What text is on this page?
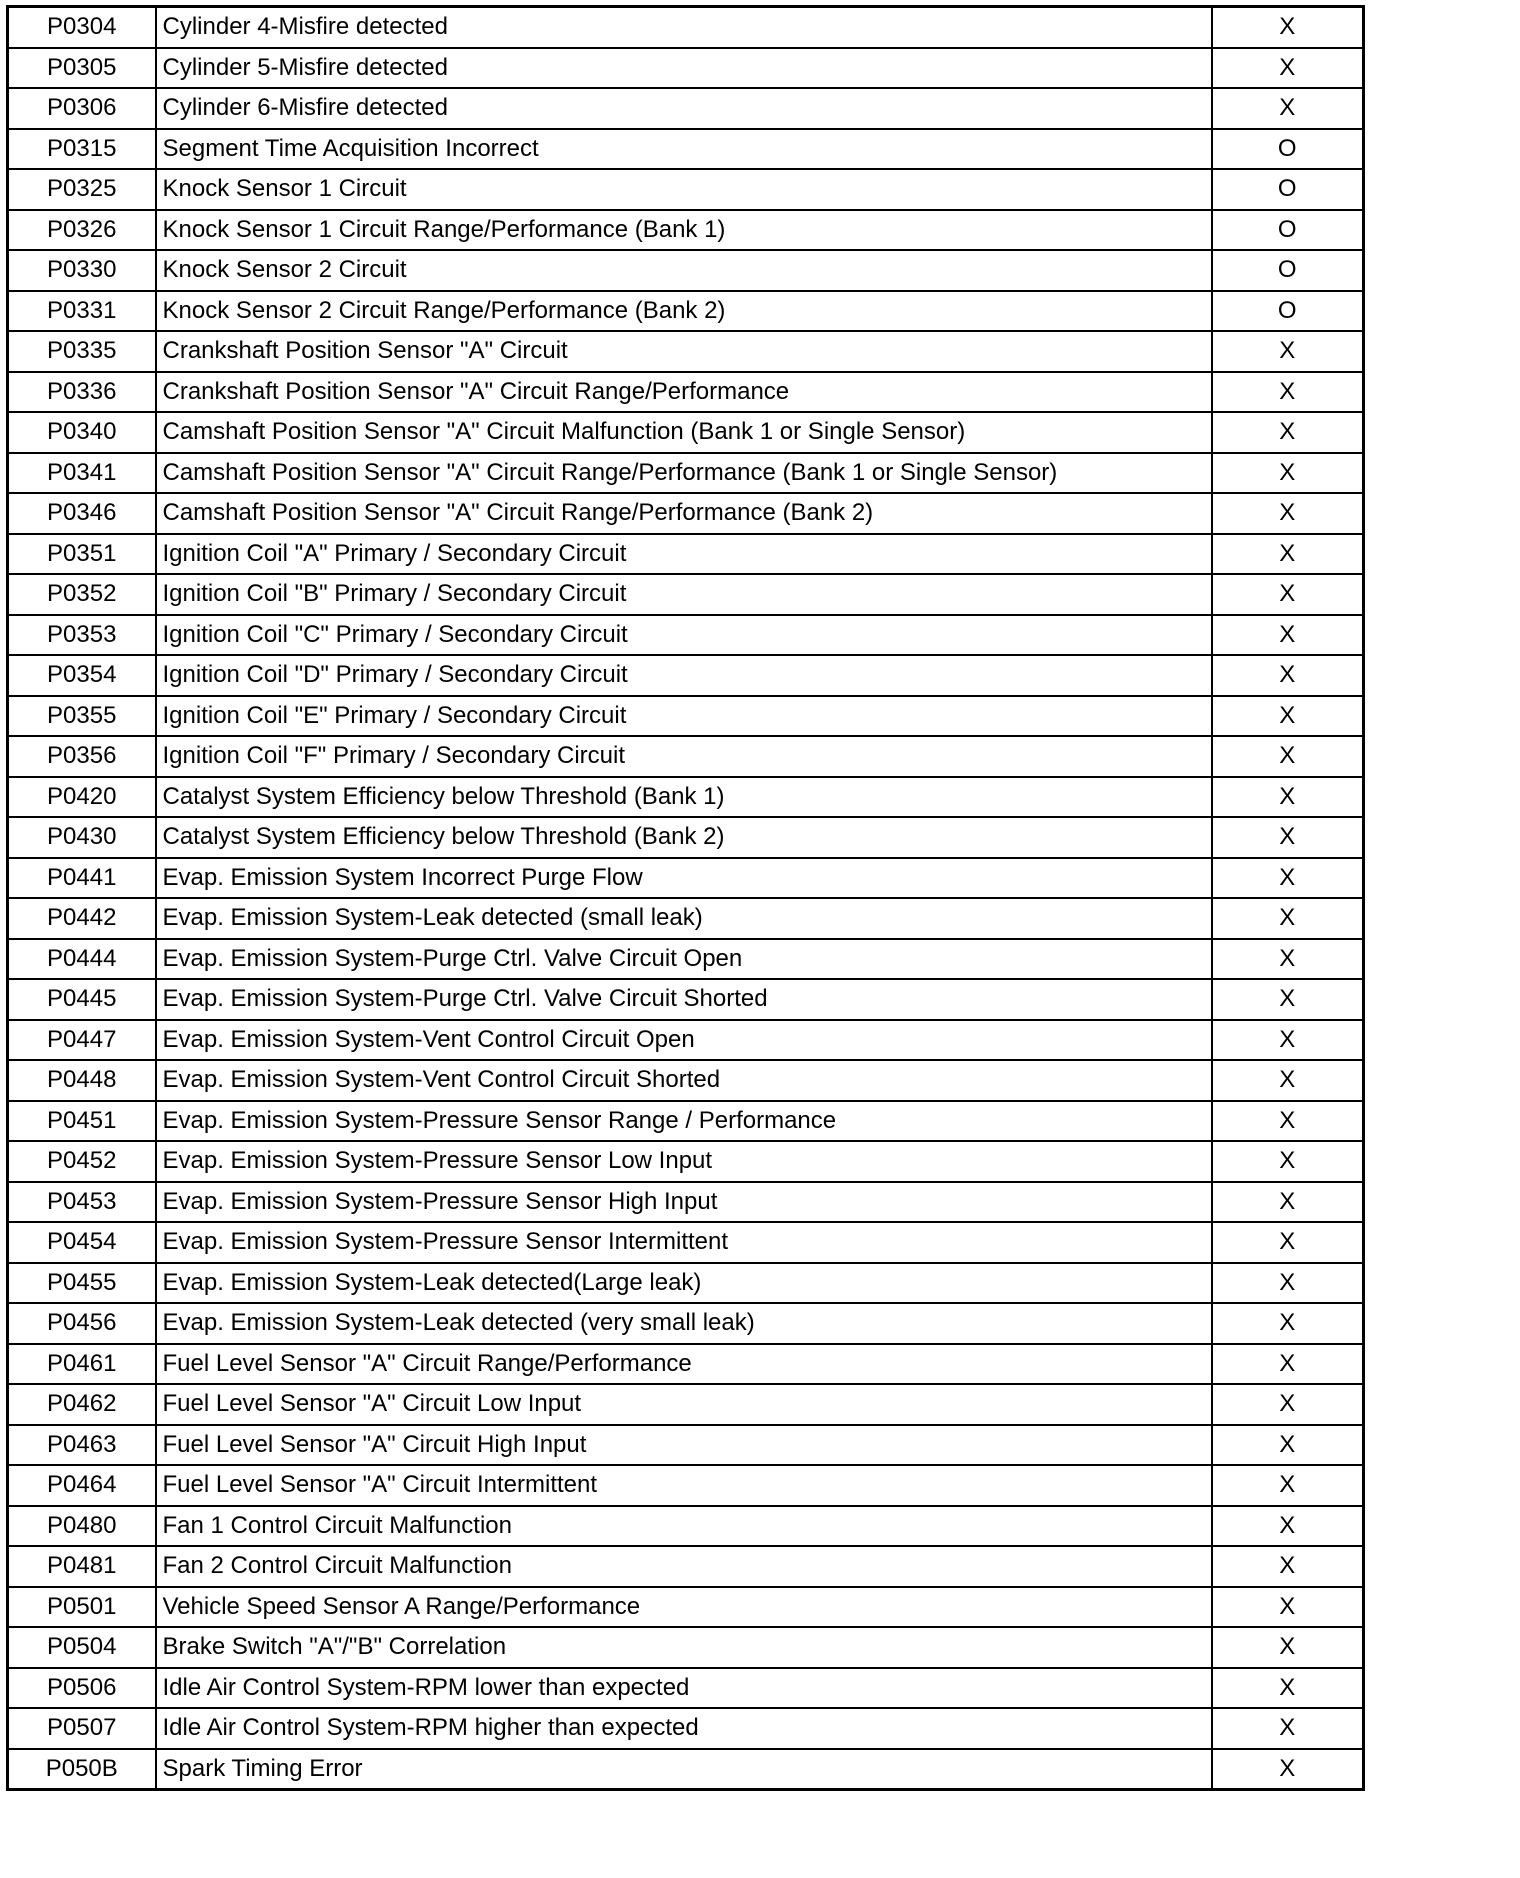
P0304	Cylinder 4-Misfire detected	X
P0305	Cylinder 5-Misfire detected	X
P0306	Cylinder 6-Misfire detected	X
P0315	Segment Time Acquisition Incorrect	O
P0325	Knock Sensor 1 Circuit	O
P0326	Knock Sensor 1 Circuit Range/Performance (Bank 1)	O
P0330	Knock Sensor 2 Circuit	O
P0331	Knock Sensor 2 Circuit Range/Performance (Bank 2)	O
P0335	Crankshaft Position Sensor "A" Circuit	X
P0336	Crankshaft Position Sensor "A" Circuit Range/Performance	X
P0340	Camshaft Position Sensor "A" Circuit Malfunction (Bank 1 or Single Sensor)	X
P0341	Camshaft Position Sensor "A" Circuit Range/Performance (Bank 1 or Single Sensor)	X
P0346	Camshaft Position Sensor "A" Circuit Range/Performance (Bank 2)	X
P0351	Ignition Coil "A" Primary / Secondary Circuit	X
P0352	Ignition Coil "B" Primary / Secondary Circuit	X
P0353	Ignition Coil "C" Primary / Secondary Circuit	X
P0354	Ignition Coil "D" Primary / Secondary Circuit	X
P0355	Ignition Coil "E" Primary / Secondary Circuit	X
P0356	Ignition Coil "F" Primary / Secondary Circuit	X
P0420	Catalyst System Efficiency below Threshold (Bank 1)	X
P0430	Catalyst System Efficiency below Threshold (Bank 2)	X
P0441	Evap. Emission System Incorrect Purge Flow	X
P0442	Evap. Emission System-Leak detected (small leak)	X
P0444	Evap. Emission System-Purge Ctrl. Valve Circuit Open	X
P0445	Evap. Emission System-Purge Ctrl. Valve Circuit Shorted	X
P0447	Evap. Emission System-Vent Control Circuit Open	X
P0448	Evap. Emission System-Vent Control Circuit Shorted	X
P0451	Evap. Emission System-Pressure Sensor Range / Performance	X
P0452	Evap. Emission System-Pressure Sensor Low Input	X
P0453	Evap. Emission System-Pressure Sensor High Input	X
P0454	Evap. Emission System-Pressure Sensor Intermittent	X
P0455	Evap. Emission System-Leak detected(Large leak)	X
P0456	Evap. Emission System-Leak detected (very small leak)	X
P0461	Fuel Level Sensor "A" Circuit Range/Performance	X
P0462	Fuel Level Sensor "A" Circuit Low Input	X
P0463	Fuel Level Sensor "A" Circuit High Input	X
P0464	Fuel Level Sensor "A" Circuit Intermittent	X
P0480	Fan 1 Control Circuit Malfunction	X
P0481	Fan 2 Control Circuit Malfunction	X
P0501	Vehicle Speed Sensor A Range/Performance	X
P0504	Brake Switch "A"/"B" Correlation	X
P0506	Idle Air Control System-RPM lower than expected	X
P0507	Idle Air Control System-RPM higher than expected	X
P050B	Spark Timing Error	X
